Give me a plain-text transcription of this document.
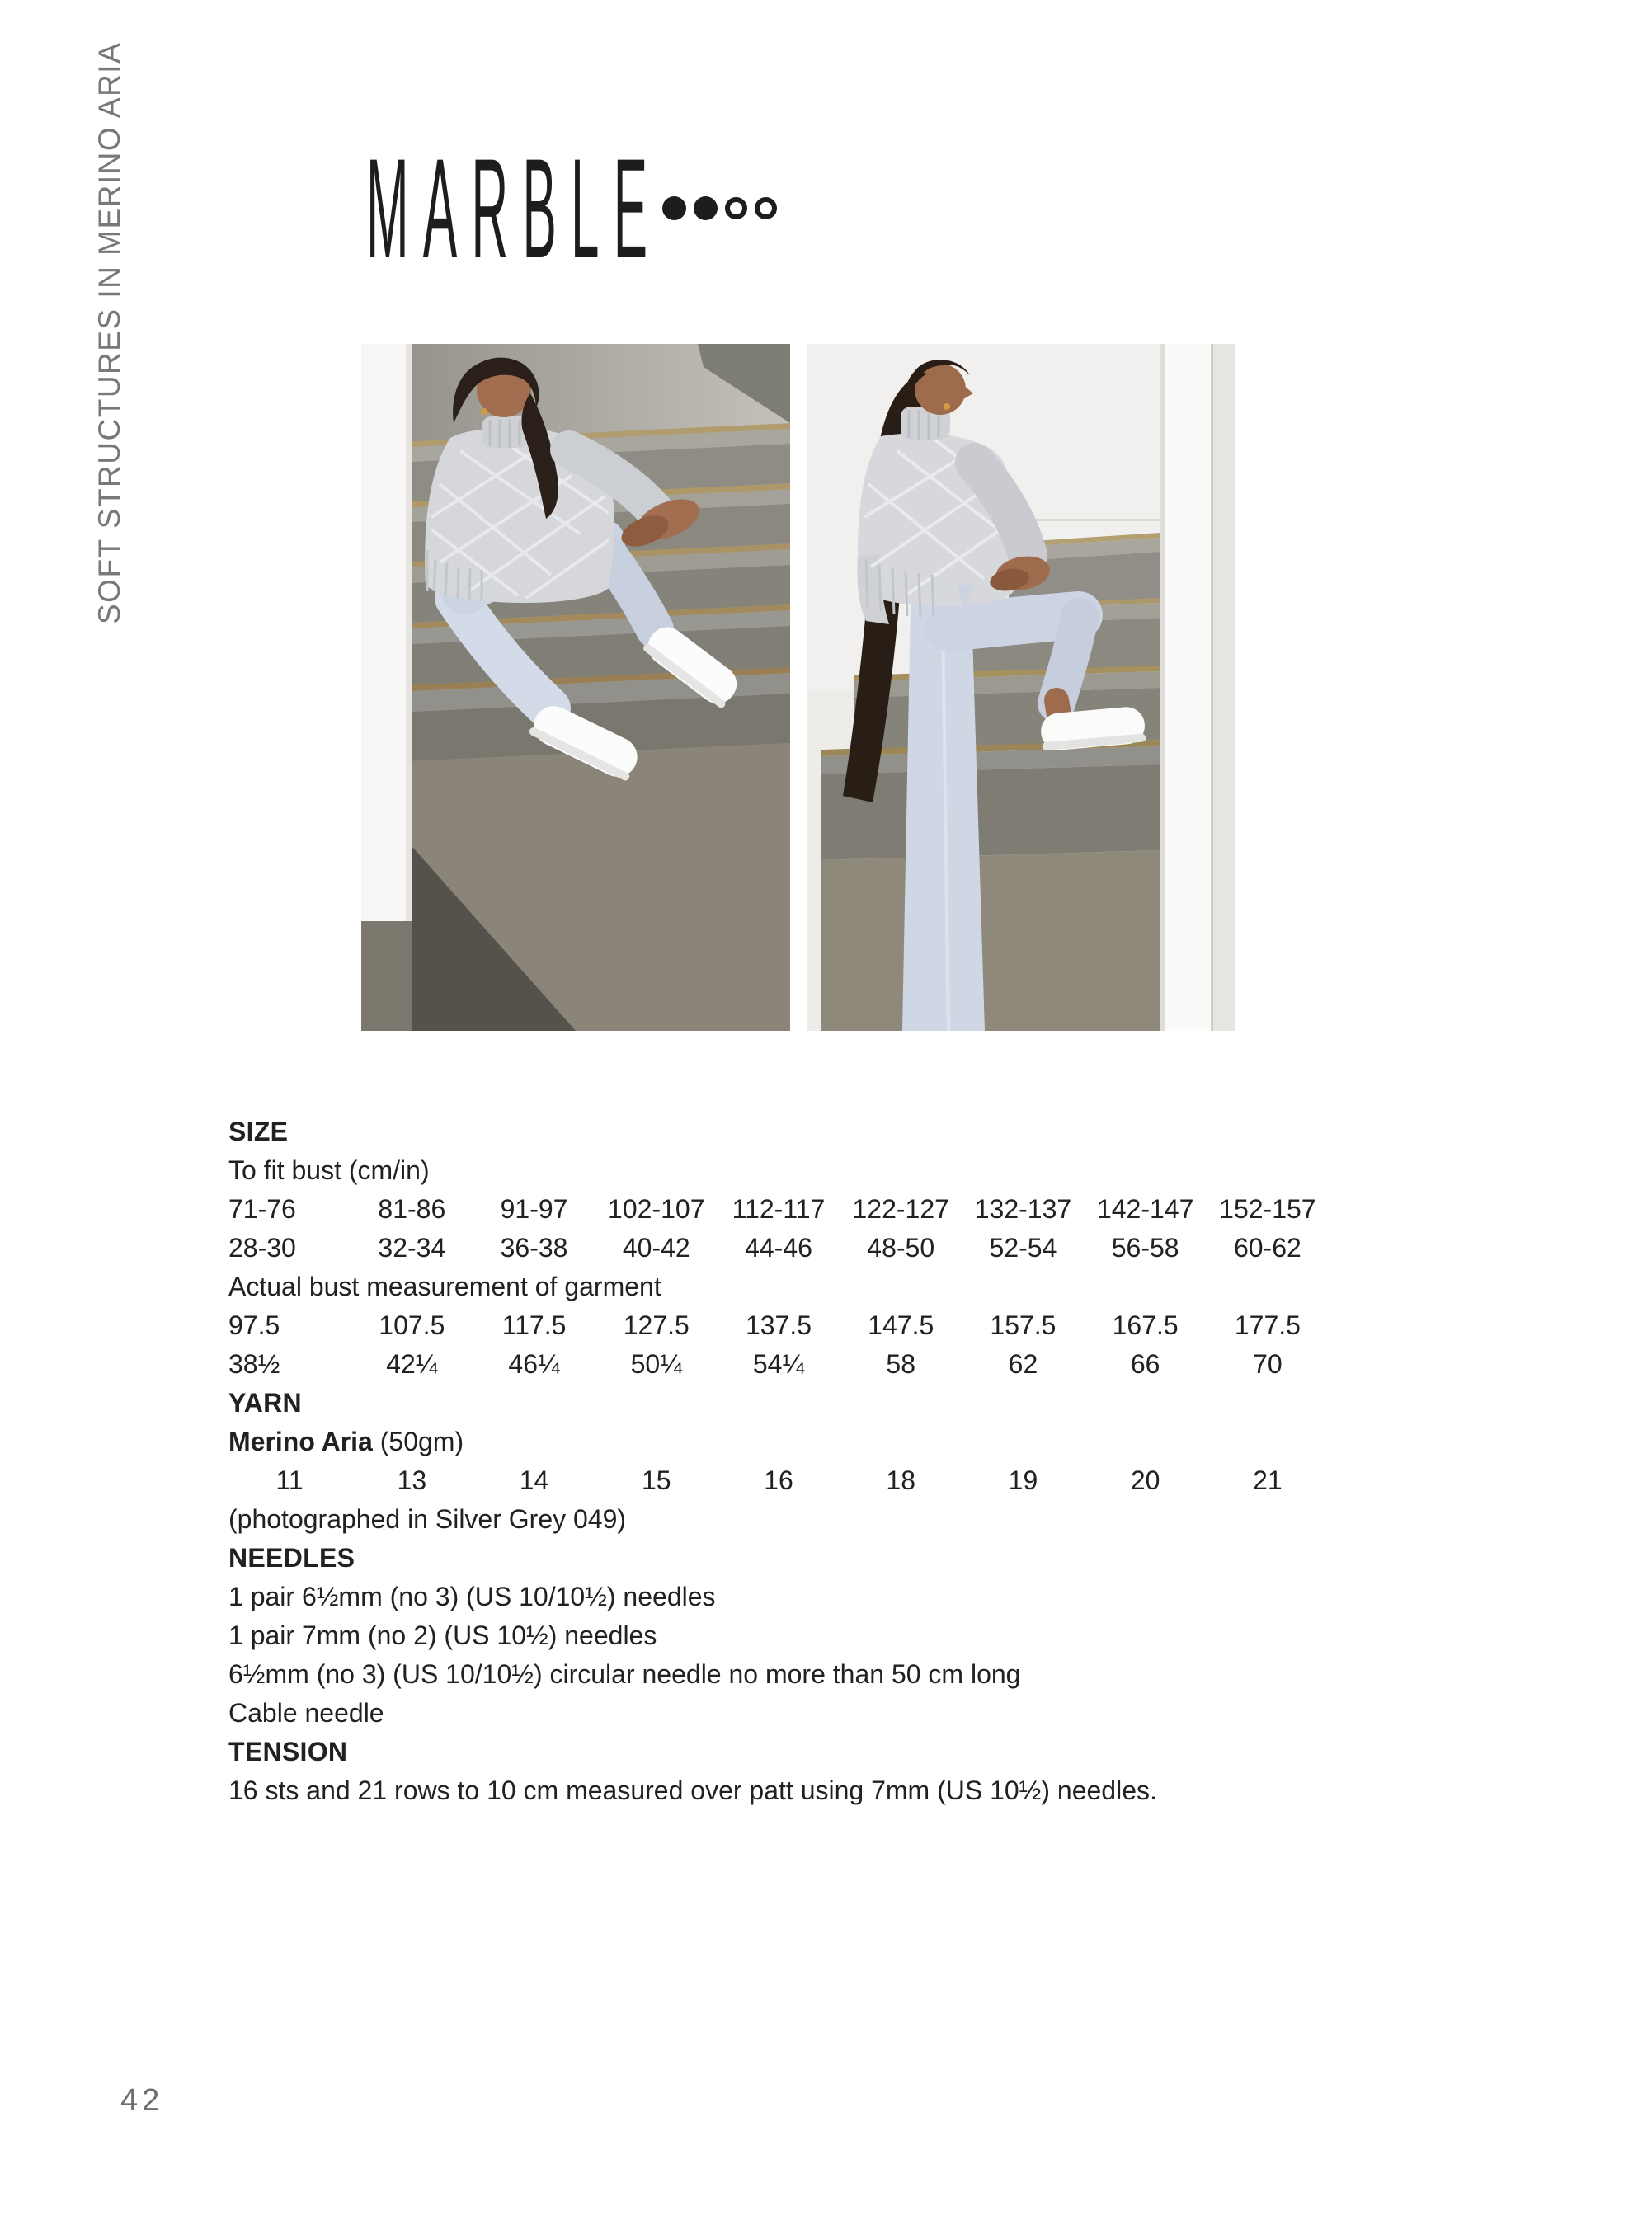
SOFT STRUCTURES IN MERINO ARIA MARBLE
SIZE

To fit bust (cm/in)

71-76	81-86	91-97	102-107	112-117	122-127 132-137 142-147 152-157
28-30	32-34	36-38	40-42	44-46	48-50	52-54	56-58	60-62

Actual bust measurement of garment

97.5	107.5	117.5	127.5	137.5	147.5	157.5	167.5	177.5
38½	42¼	46¼	50¼	54¼	58	62	66	70
YARN

Merino Aria (50gm)

11	13	14	15	16	18	19	20	21

(photographed in Silver Grey 049)

NEEDLES

1 pair 6½mm (no 3) (US 10/10½) needles

1 pair 7mm (no 2) (US 10½) needles

6½mm (no 3) (US 10/10½) circular needle no more than 50 cm long

Cable needle

TENSION

16 sts and 21 rows to 10 cm measured over patt using 7mm (US 10½) needles.

42
